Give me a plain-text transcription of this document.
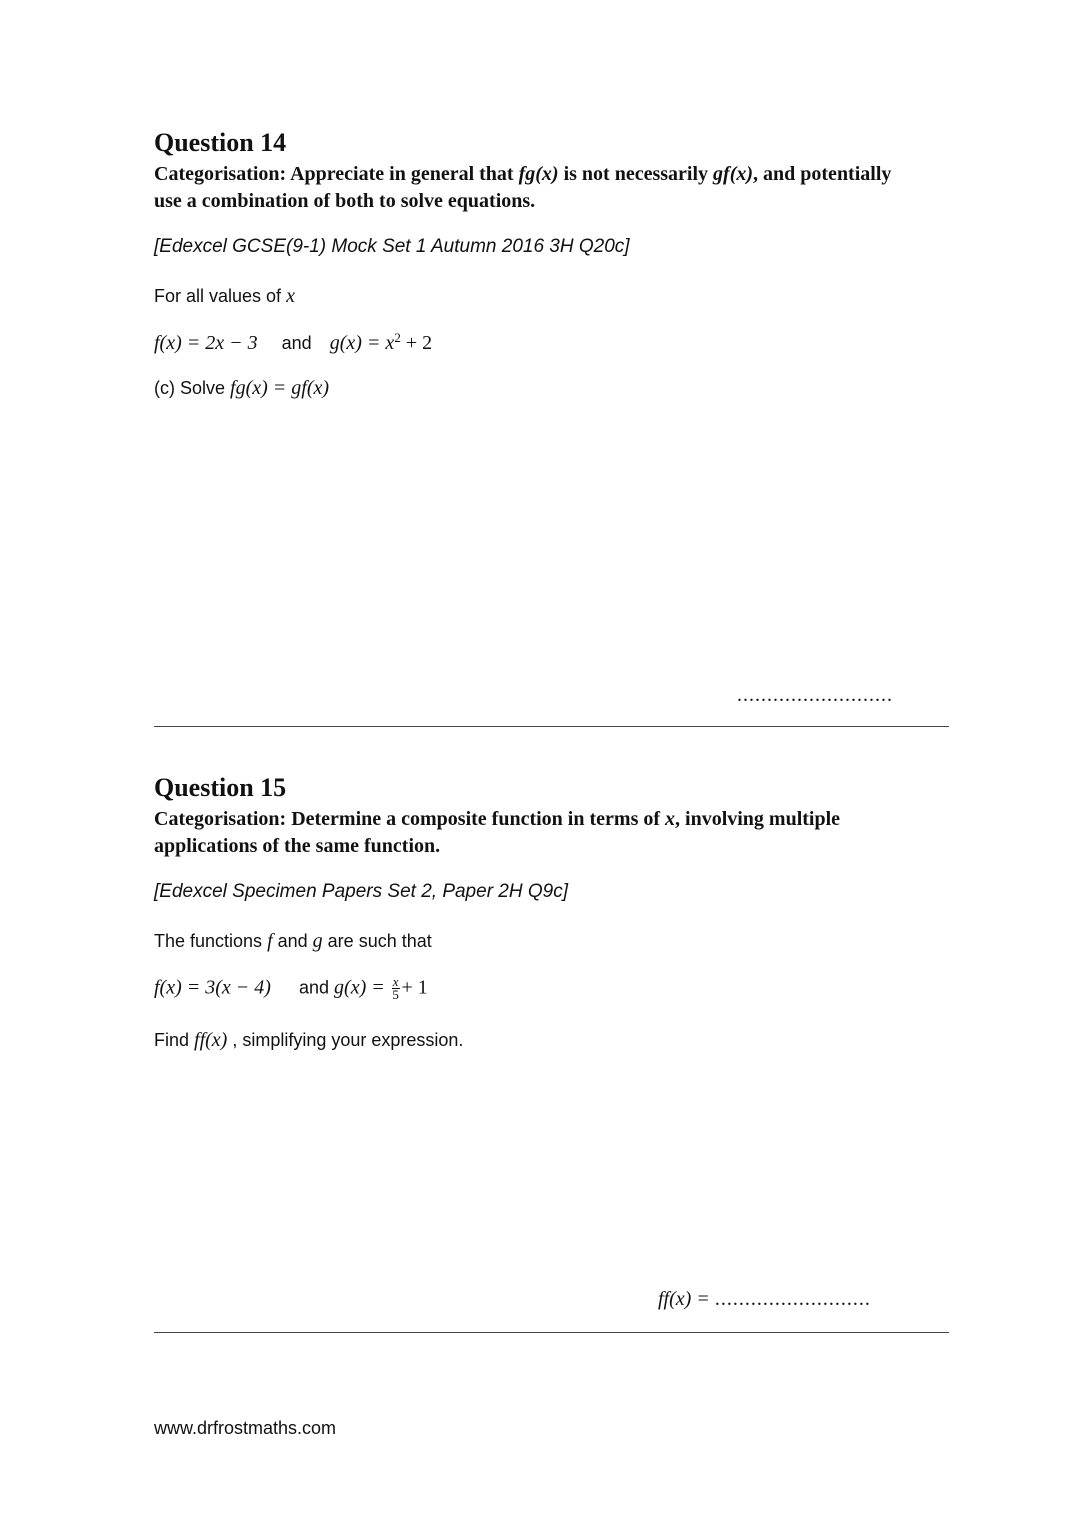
Question 14

Categorisation: Appreciate in general that fg(x) is not necessarily gf(x), and potentially use a combination of both to solve equations.

[Edexcel GCSE(9-1) Mock Set 1 Autumn 2016 3H Q20c]
For all values of x
f(x) = 2x − 3 and $g(x) = x^2 + 2$
(c) Solve fg(x) = gf(x)
..........................
Question 15

Categorisation: Determine a composite function in terms of x, involving multiple applications of the same function.

[Edexcel Specimen Papers Set 2, Paper 2H Q9c]
The functions f and g are such that
f(x) = 3(x − 4) and $g(x) = \frac{x}{5} + 1$
Find ff(x) , simplifying your expression.
ff(x) = ..........................
www.drfrostmaths.com
